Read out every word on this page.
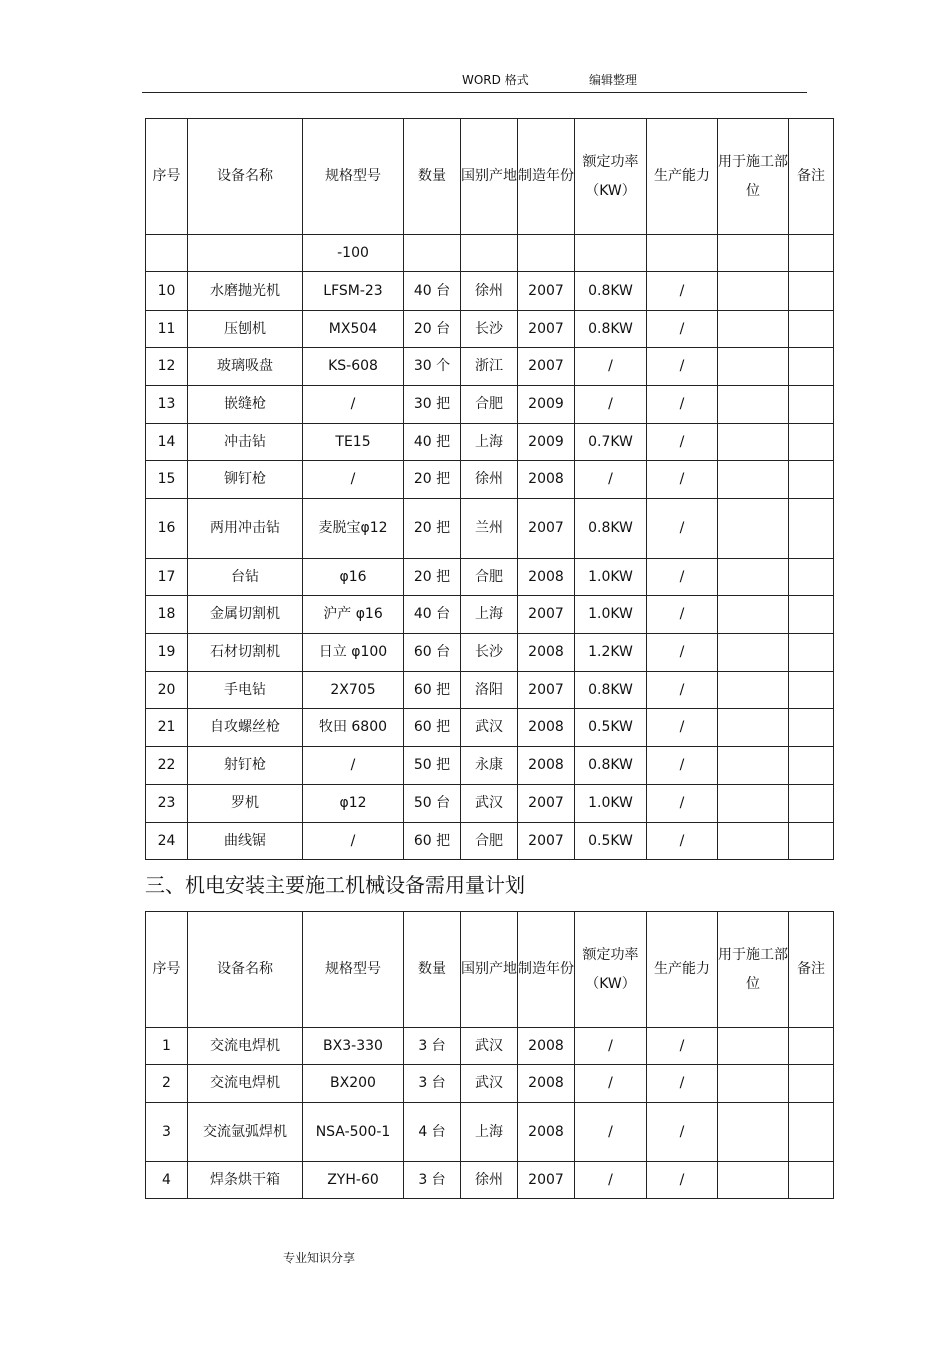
WORD 格式	编辑整理
序号	设备名称	规格型号	数量	国别产地	制造年份	额定功率（KW）	生产能力	用于施工部位	备注
		-100							
10	水磨抛光机	LFSM-23	40 台	徐州	2007	0.8KW	/		
11	压刨机	MX504	20 台	长沙	2007	0.8KW	/		
12	玻璃吸盘	KS-608	30 个	浙江	2007	/	/		
13	嵌缝枪	/	30 把	合肥	2009	/	/		
14	冲击钻	TE15	40 把	上海	2009	0.7KW	/		
15	铆钉枪	/	20 把	徐州	2008	/	/		
16	两用冲击钻	麦脱宝φ12	20 把	兰州	2007	0.8KW	/		
17	台钻	φ16	20 把	合肥	2008	1.0KW	/		
18	金属切割机	沪产 φ16	40 台	上海	2007	1.0KW	/		
19	石材切割机	日立 φ100	60 台	长沙	2008	1.2KW	/		
20	手电钻	2X705	60 把	洛阳	2007	0.8KW	/		
21	自攻螺丝枪	牧田 6800	60 把	武汉	2008	0.5KW	/		
22	射钉枪	/	50 把	永康	2008	0.8KW	/		
23	罗机	φ12	50 台	武汉	2007	1.0KW	/		
24	曲线锯	/	60 把	合肥	2007	0.5KW	/		
三、机电安装主要施工机械设备需用量计划
序号	设备名称	规格型号	数量	国别产地	制造年份	额定功率（KW）	生产能力	用于施工部位	备注
1	交流电焊机	BX3-330	3 台	武汉	2008	/	/		
2	交流电焊机	BX200	3 台	武汉	2008	/	/		
3	交流氩弧焊机	NSA-500-1	4 台	上海	2008	/	/		
4	焊条烘干箱	ZYH-60	3 台	徐州	2007	/	/		
专业知识分享
